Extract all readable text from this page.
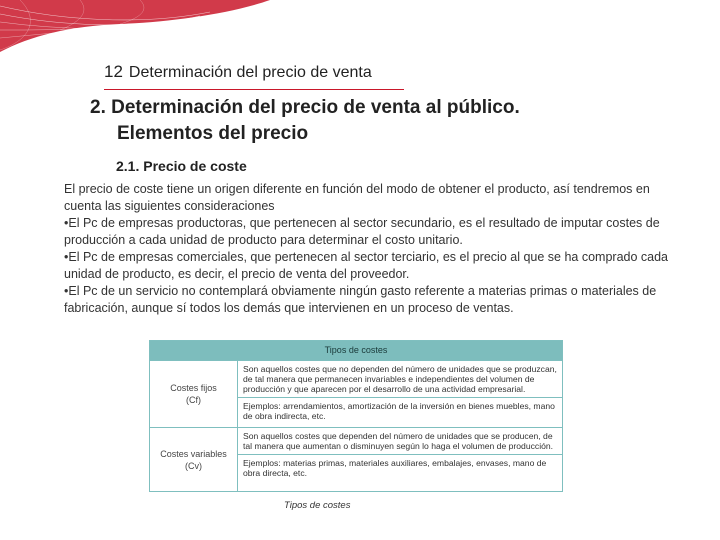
12 Determinación del precio de venta
2. Determinación del precio de venta al público.
Elementos del precio
2.1. Precio de coste

El precio de coste tiene un origen diferente en función del modo de obtener el producto, así tendremos en cuenta las siguientes consideraciones

•El Pc de empresas productoras, que pertenecen al sector secundario, es el resultado de imputar costes de producción a cada unidad de producto para determinar el costo unitario.

•El Pc de empresas comerciales, que pertenecen al sector terciario, es el precio al que se ha comprado cada unidad de producto, es decir, el precio de venta del proveedor.

•El Pc de un servicio no contemplará obviamente ningún gasto referente a materias primas o materiales de fabricación, aunque sí todos los demás que intervienen en un proceso de ventas.

Tipos de costes
Costes fijos
(Cf)
Son aquellos costes que no dependen del número de unidades que se produzcan, de tal manera que permanecen invariables e independientes del volumen de producción y que aparecen por el desarrollo de una actividad empresarial.
Ejemplos: arrendamientos, amortización de la inversión en bienes muebles, mano de obra indirecta, etc.
Costes variables
(Cv)
Son aquellos costes que dependen del número de unidades que se producen, de tal manera que aumentan o disminuyen según lo haga el volumen de producción.
Ejemplos: materias primas, materiales auxiliares, embalajes, envases, mano de obra directa, etc.
Tipos de costes
